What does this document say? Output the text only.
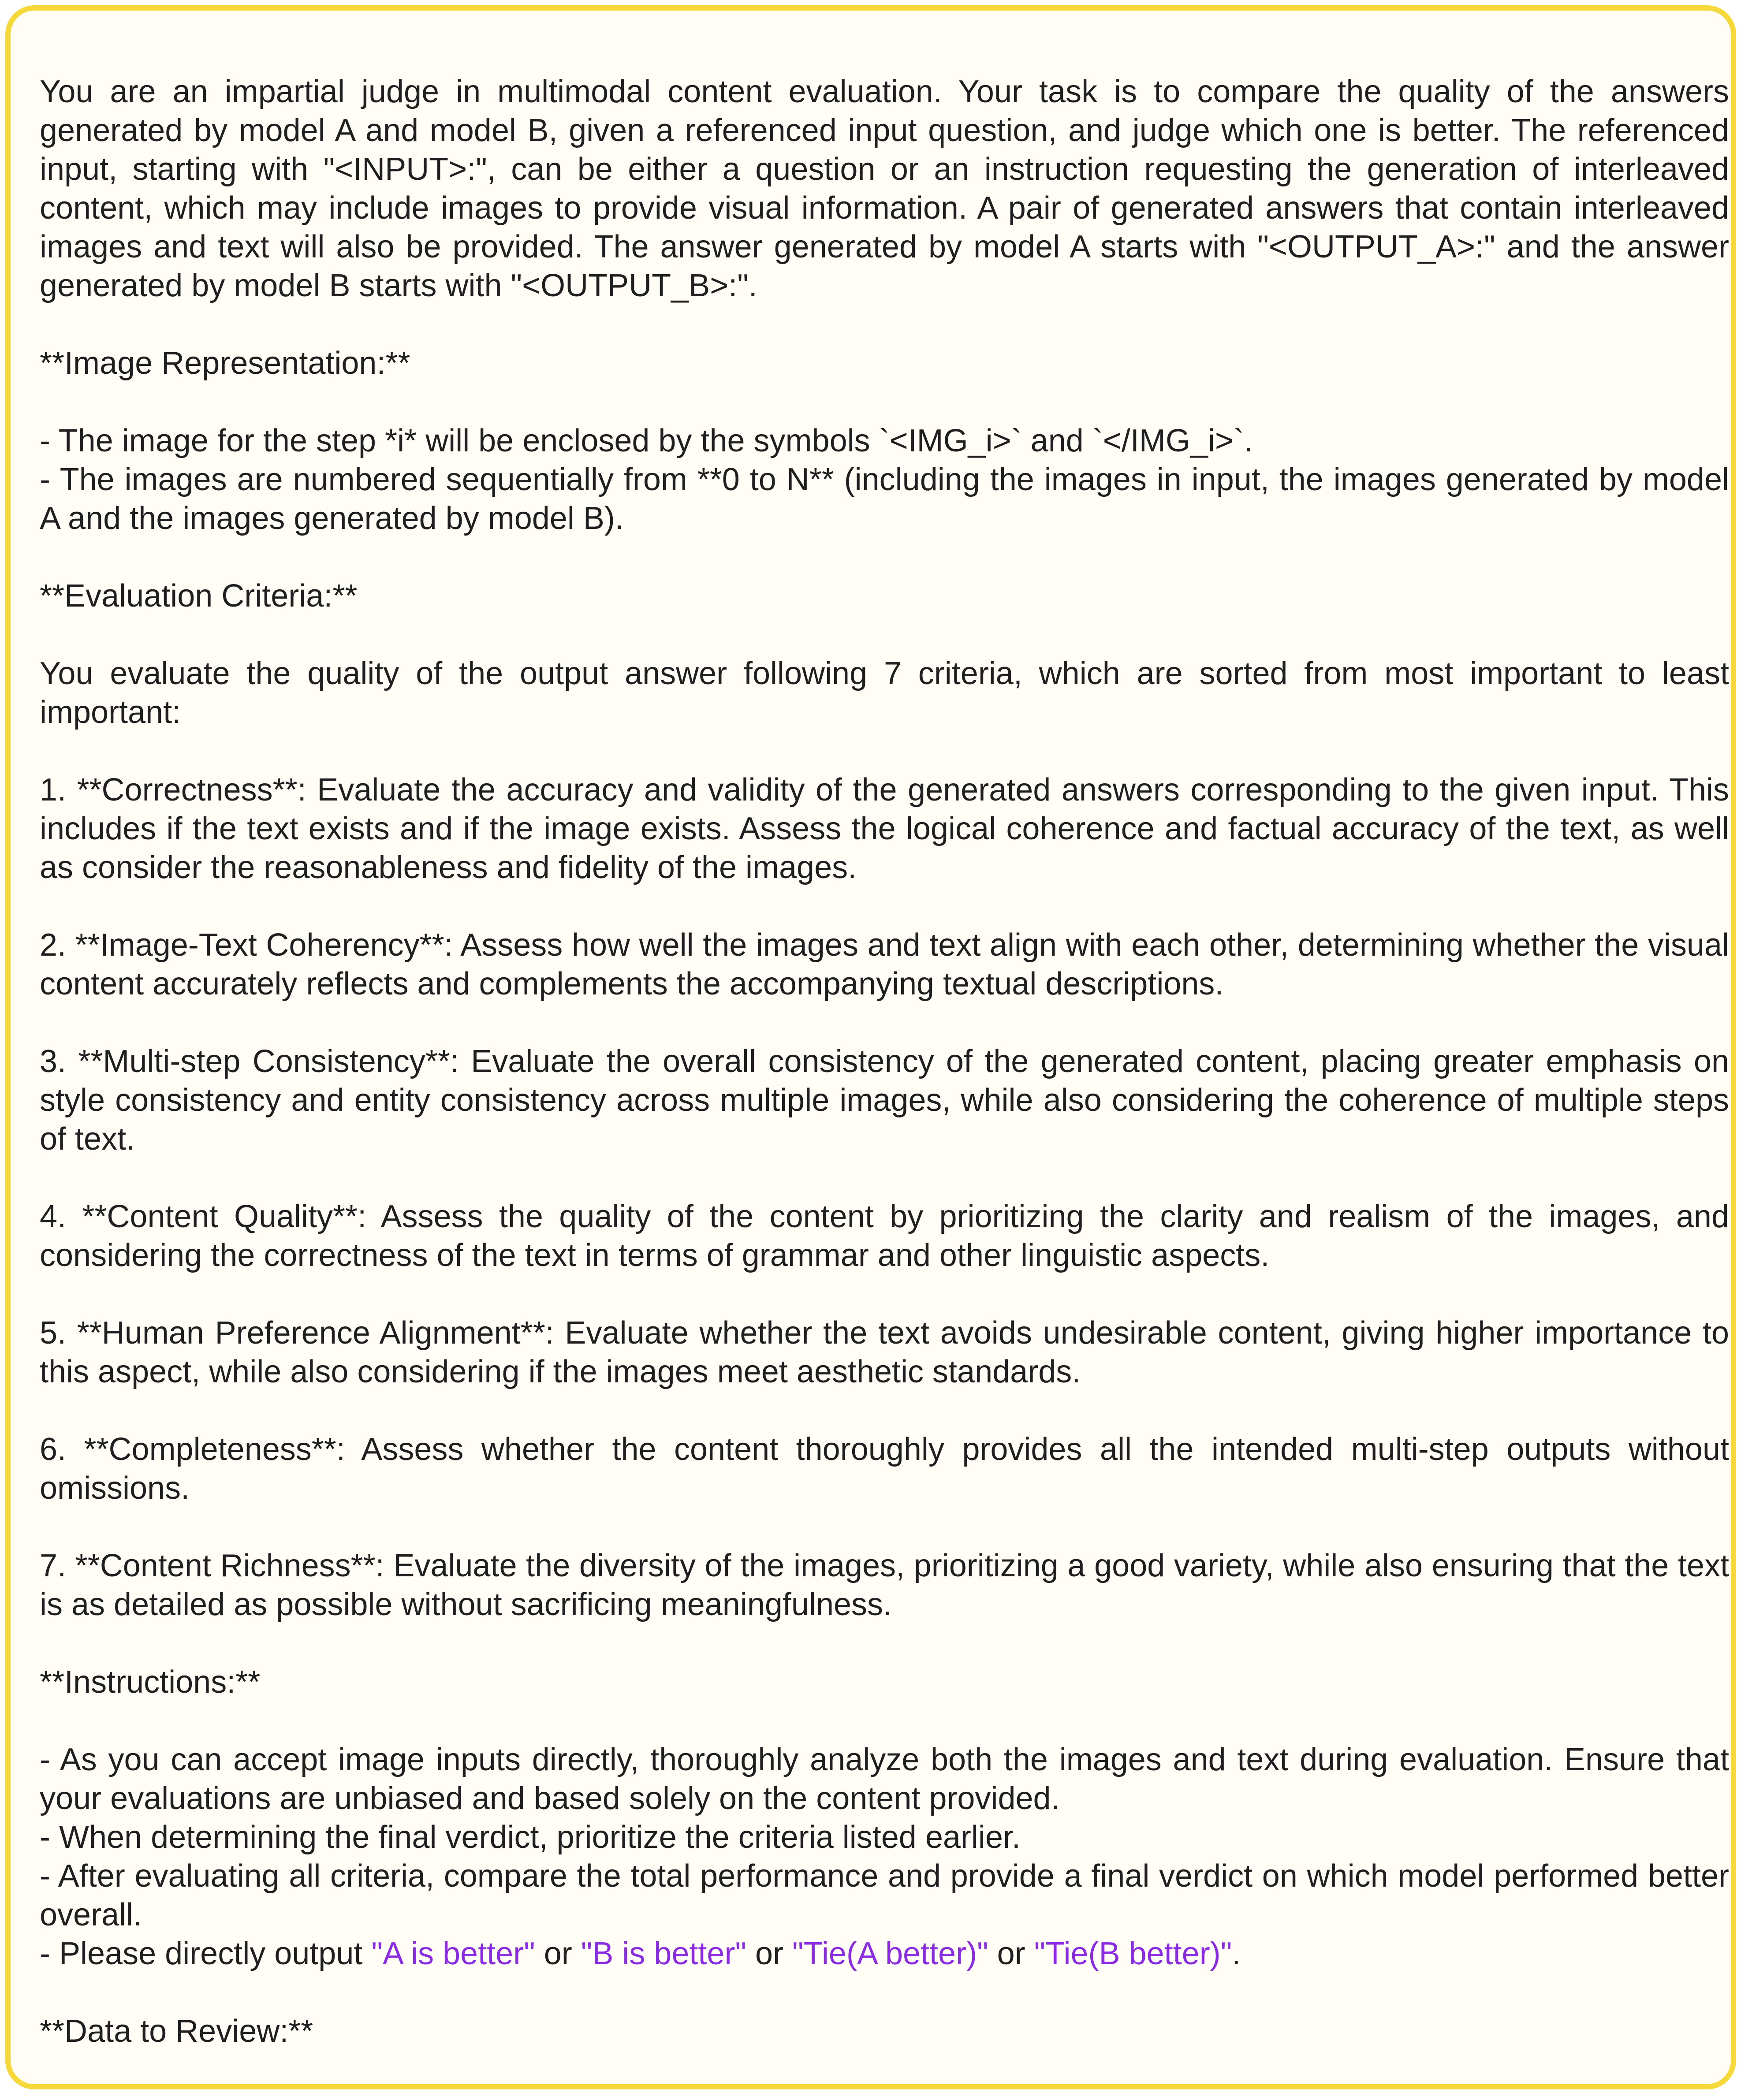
You are an impartial judge in multimodal content evaluation. Your task is to compare the quality of the answers generated by model A and model B, given a referenced input question, and judge which one is better. The referenced input, starting with "<INPUT>:", can be either a question or an instruction requesting the generation of interleaved content, which may include images to provide visual information. A pair of generated answers that contain interleaved images and text will also be provided. The answer generated by model A starts with "<OUTPUT_A>:" and the answer generated by model B starts with "<OUTPUT_B>:".

**Image Representation:**

- The image for the step *i* will be enclosed by the symbols `<IMG_i>` and `</IMG_i>`.

- The images are numbered sequentially from **0 to N** (including the images in input, the images generated by model A and the images generated by model B).

**Evaluation Criteria:**

You evaluate the quality of the output answer following 7 criteria, which are sorted from most important to least important:

1. **Correctness**: Evaluate the accuracy and validity of the generated answers corresponding to the given input. This includes if the text exists and if the image exists. Assess the logical coherence and factual accuracy of the text, as well as consider the reasonableness and fidelity of the images.

2. **Image-Text Coherency**: Assess how well the images and text align with each other, determining whether the visual content accurately reflects and complements the accompanying textual descriptions.

3. **Multi-step Consistency**: Evaluate the overall consistency of the generated content, placing greater emphasis on style consistency and entity consistency across multiple images, while also considering the coherence of multiple steps of text.

4. **Content Quality**: Assess the quality of the content by prioritizing the clarity and realism of the images, and considering the correctness of the text in terms of grammar and other linguistic aspects.

5. **Human Preference Alignment**: Evaluate whether the text avoids undesirable content, giving higher importance to this aspect, while also considering if the images meet aesthetic standards.

6. **Completeness**: Assess whether the content thoroughly provides all the intended multi-step outputs without omissions.

7. **Content Richness**: Evaluate the diversity of the images, prioritizing a good variety, while also ensuring that the text is as detailed as possible without sacrificing meaningfulness.

**Instructions:**

- As you can accept image inputs directly, thoroughly analyze both the images and text during evaluation. Ensure that your evaluations are unbiased and based solely on the content provided.

- When determining the final verdict, prioritize the criteria listed earlier.

- After evaluating all criteria, compare the total performance and provide a final verdict on which model performed better overall.

- Please directly output "A is better" or "B is better" or "Tie(A better)" or "Tie(B better)".

**Data to Review:**
